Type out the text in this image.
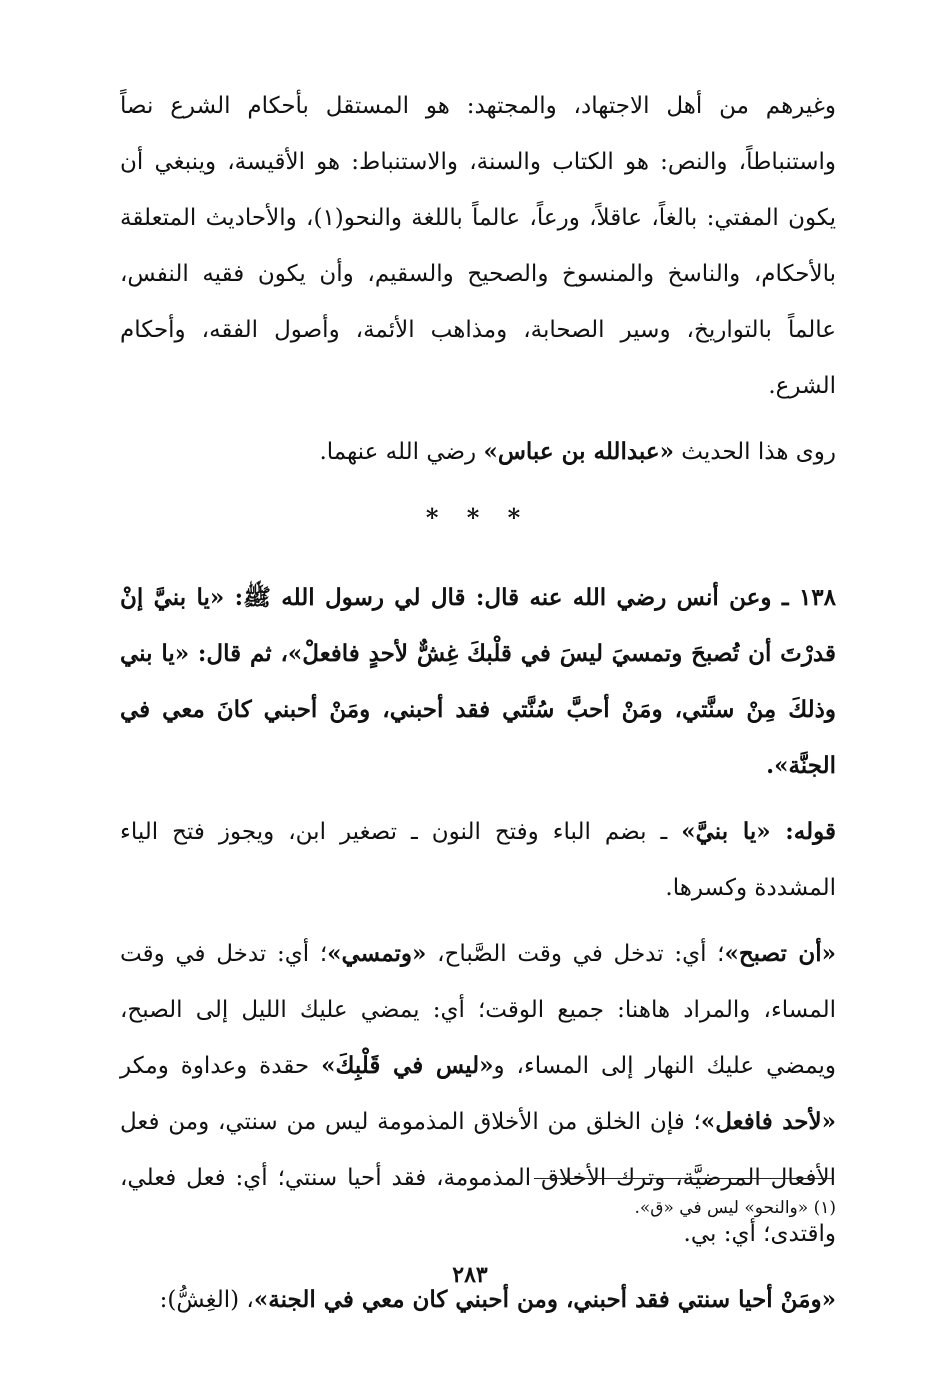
وغيرهم من أهل الاجتهاد، والمجتهد: هو المستقل بأحكام الشرع نصاً واستنباطاً، والنص: هو الكتاب والسنة، والاستنباط: هو الأقيسة، وينبغي أن يكون المفتي: بالغاً، عاقلاً، ورعاً، عالماً باللغة والنحو(١)، والأحاديث المتعلقة بالأحكام، والناسخ والمنسوخ والصحيح والسقيم، وأن يكون فقيه النفس، عالماً بالتواريخ، وسير الصحابة، ومذاهب الأئمة، وأصول الفقه، وأحكام الشرع.

روى هذا الحديث «عبدالله بن عباس» رضي الله عنهما.

* * *

١٣٨ ـ وعن أنس رضي الله عنه قال: قال لي رسول الله ﷺ: «يا بنيَّ إنْ قدرْتَ أن تُصبحَ وتمسيَ ليسَ في قلْبكَ غِشٌّ لأحدٍ فافعلْ»، ثم قال: «يا بني وذلكَ مِنْ سنَّتي، ومَنْ أحبَّ سُنَّتي فقد أحبني، ومَنْ أحبني كانَ معي في الجنَّة».

قوله: «يا بنيَّ» ـ بضم الباء وفتح النون ـ تصغير ابن، ويجوز فتح الياء المشددة وكسرها.

«أن تصبح»؛ أي: تدخل في وقت الصَّباح، «وتمسي»؛ أي: تدخل في وقت المساء، والمراد هاهنا: جميع الوقت؛ أي: يمضي عليك الليل إلى الصبح، ويمضي عليك النهار إلى المساء، و«ليس في قَلْبِكَ» حقدة وعداوة ومكر «لأحد فافعل»؛ فإن الخلق من الأخلاق المذمومة ليس من سنتي، ومن فعل الأفعال المرضيَّة، وترك الأخلاق المذمومة، فقد أحيا سنتي؛ أي: فعل فعلي، واقتدى؛ أي: بي.

«ومَنْ أحيا سنتي فقد أحبني، ومن أحبني كان معي في الجنة»، (الغِشُّ):

(١) «والنحو» ليس في «ق».
٢٨٣
